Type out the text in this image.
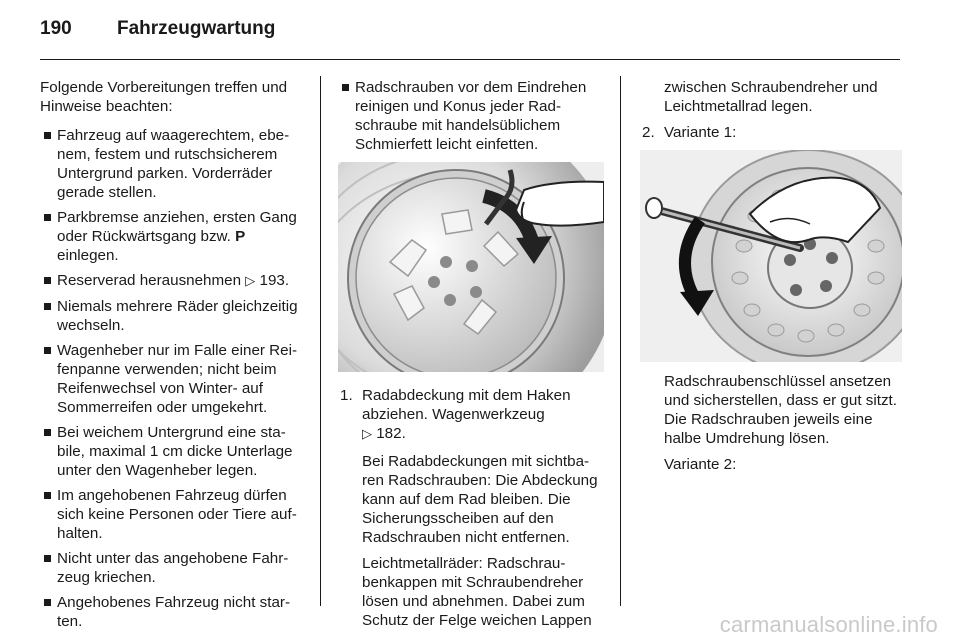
190 Fahrzeugwartung

Folgende Vorbereitungen treffen und Hinweise beachten:

Fahrzeug auf waagerechtem, ebenem, festem und rutschsicherem Untergrund parken. Vorderräder gerade stellen.
Parkbremse anziehen, ersten Gang oder Rückwärtsgang bzw. P einlegen.
Reserverad herausnehmen ▷ 193.
Niemals mehrere Räder gleichzeitig wechseln.
Wagenheber nur im Falle einer Reifenpanne verwenden; nicht beim Reifenwechsel von Winter- auf Sommerreifen oder umgekehrt.
Bei weichem Untergrund eine stabile, maximal 1 cm dicke Unterlage unter den Wagenheber legen.
Im angehobenen Fahrzeug dürfen sich keine Personen oder Tiere aufhalten.
Nicht unter das angehobene Fahrzeug kriechen.
Angehobenes Fahrzeug nicht starten.
Radschrauben vor dem Eindrehen reinigen und Konus jeder Radschraube mit handelsüblichem Schmierfett leicht einfetten.
1. Radabdeckung mit dem Haken abziehen. Wagenwerkzeug
▷ 182.

Bei Radabdeckungen mit sichtbaren Radschrauben: Die Abdeckung kann auf dem Rad bleiben. Die Sicherungsscheiben auf den Radschrauben nicht entfernen.

Leichtmetallräder: Radschraubenkappen mit Schraubendreher lösen und abnehmen. Dabei zum Schutz der Felge weichen Lappen

zwischen Schraubendreher und Leichtmetallrad legen.

2. Variante 1:

Radschraubenschlüssel ansetzen und sicherstellen, dass er gut sitzt. Die Radschrauben jeweils eine halbe Umdrehung lösen.

Variante 2:

carmanualsonline.info
